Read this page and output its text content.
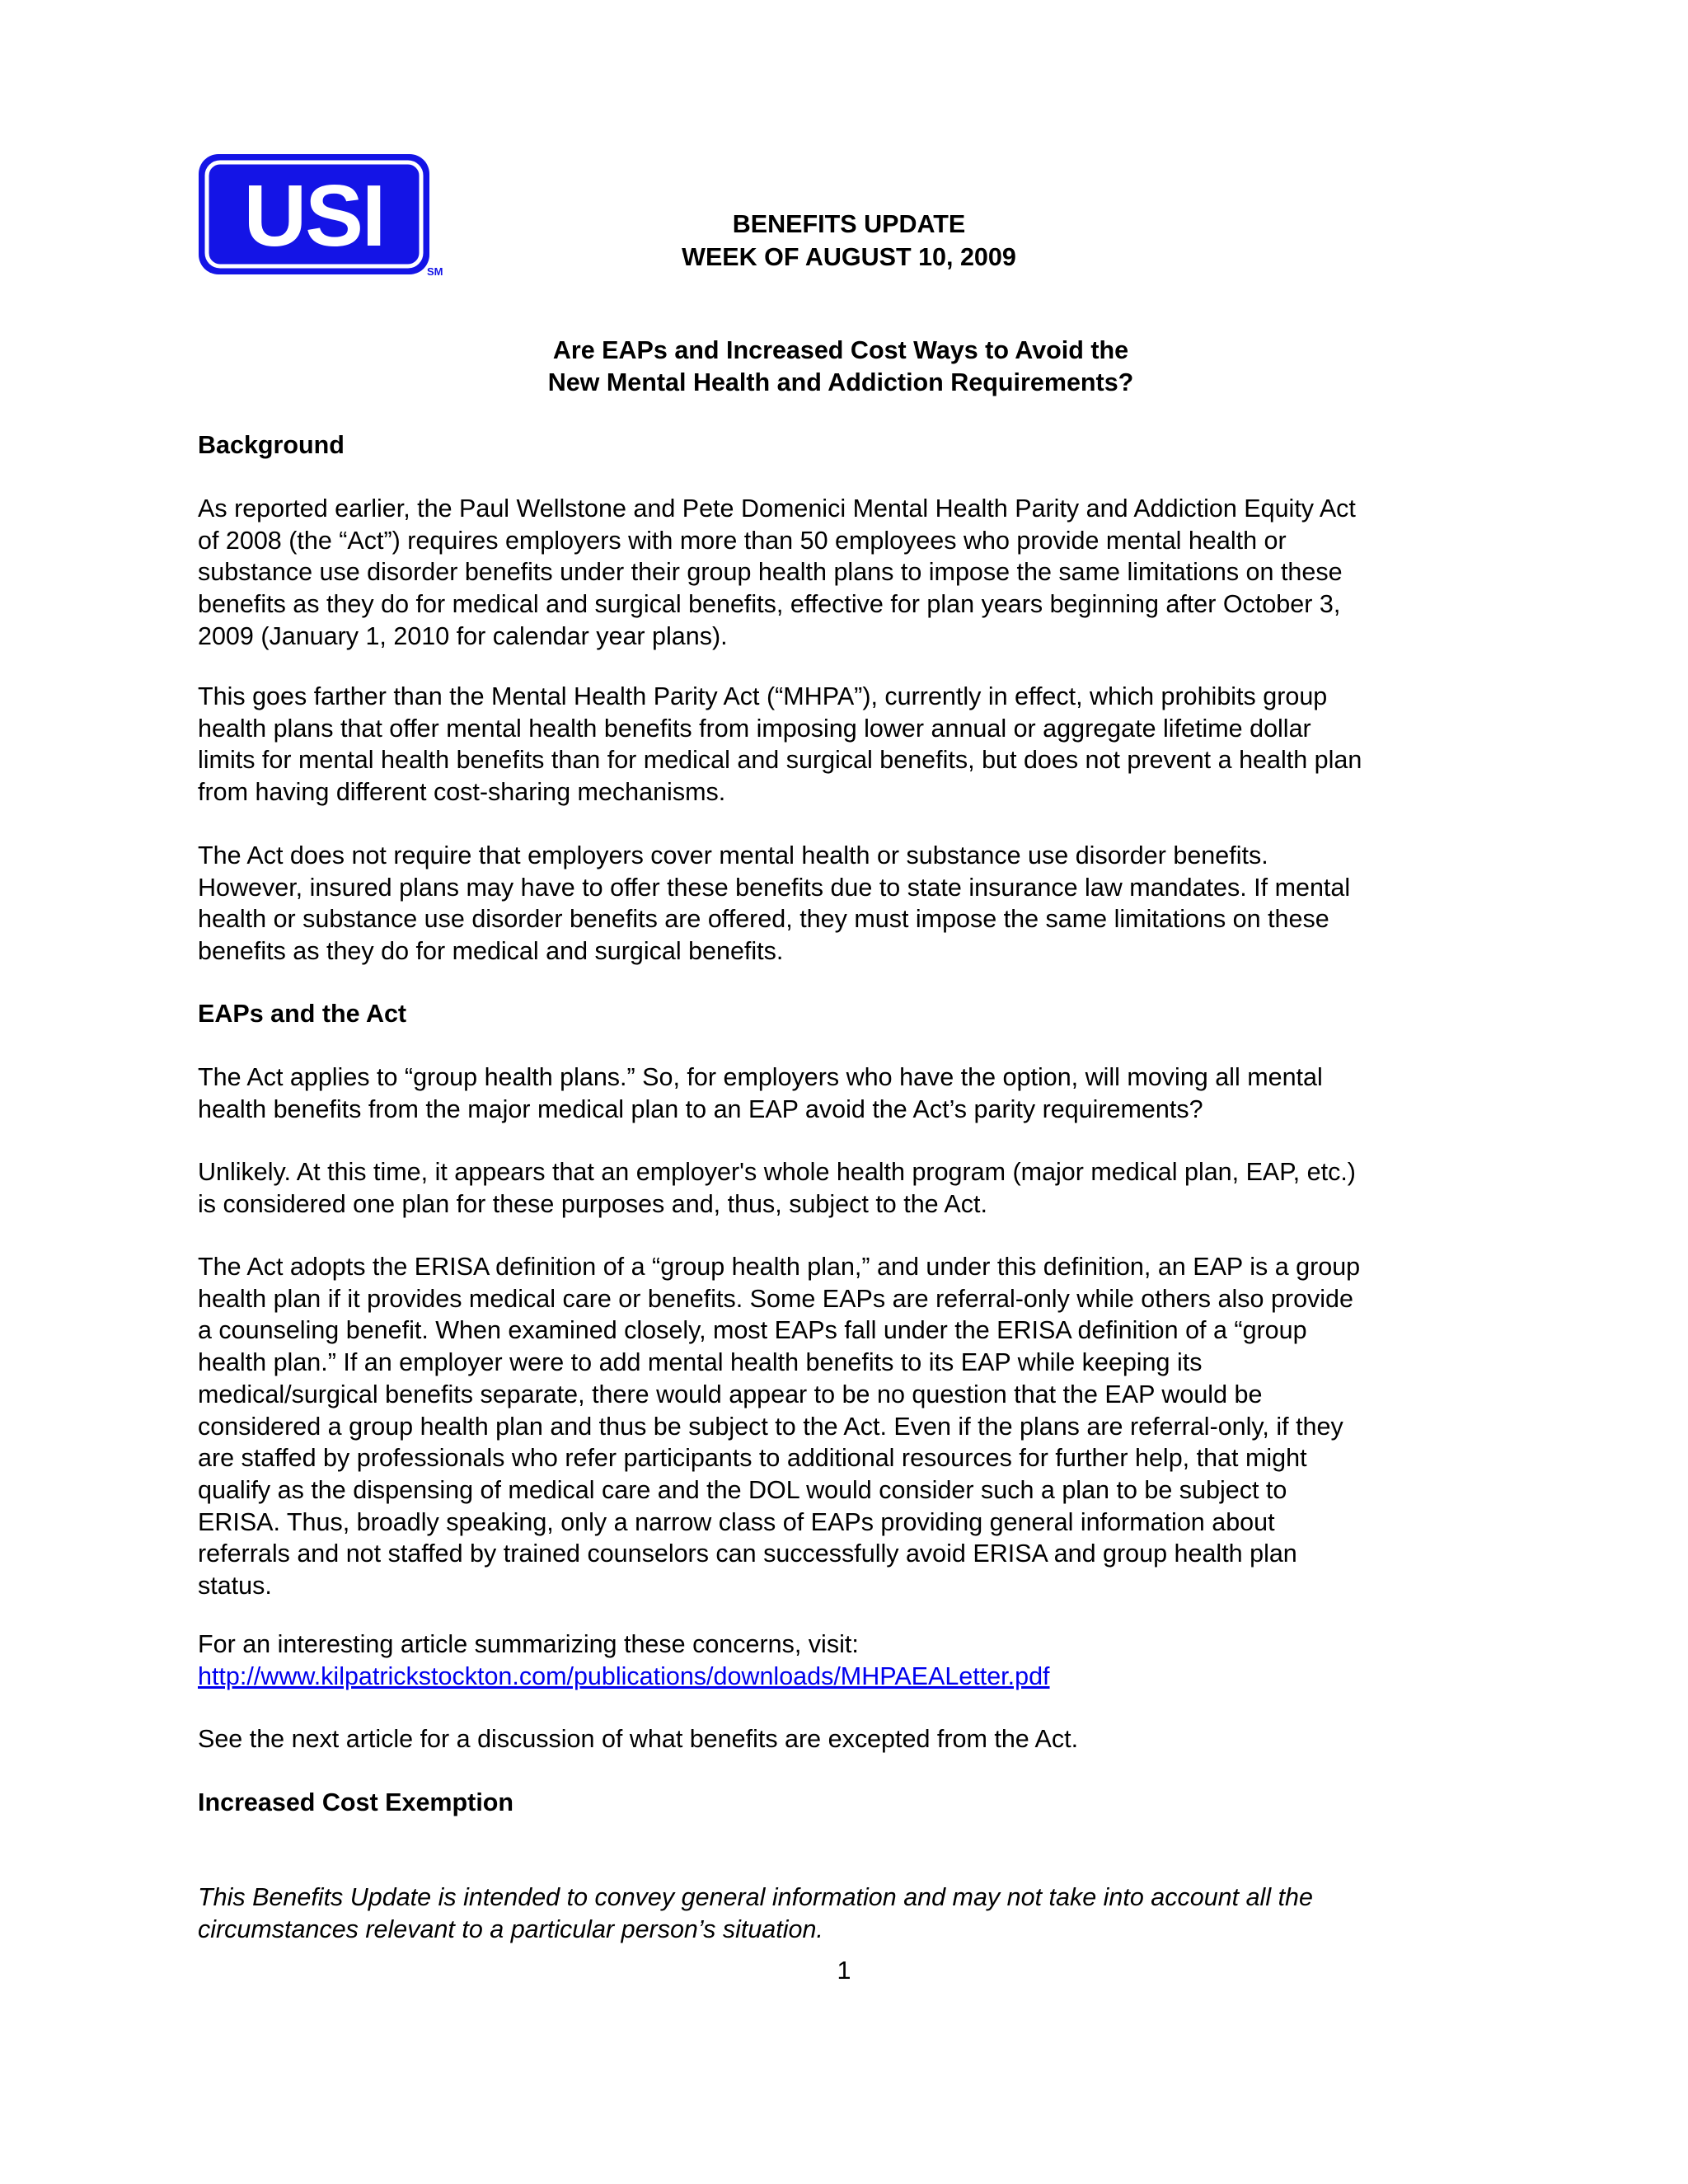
USI
SM
BENEFITS UPDATE
WEEK OF AUGUST 10, 2009
Are EAPs and Increased Cost Ways to Avoid the
New Mental Health and Addiction Requirements?
Background
As reported earlier, the Paul Wellstone and Pete Domenici Mental Health Parity and Addiction Equity Act
of 2008 (the “Act”) requires employers with more than 50 employees who provide mental health or
substance use disorder benefits under their group health plans to impose the same limitations on these
benefits as they do for medical and surgical benefits, effective for plan years beginning after October 3,
2009 (January 1, 2010 for calendar year plans).
This goes farther than the Mental Health Parity Act (“MHPA”), currently in effect, which prohibits group
health plans that offer mental health benefits from imposing lower annual or aggregate lifetime dollar
limits for mental health benefits than for medical and surgical benefits, but does not prevent a health plan
from having different cost-sharing mechanisms.
The Act does not require that employers cover mental health or substance use disorder benefits.
However, insured plans may have to offer these benefits due to state insurance law mandates. If mental
health or substance use disorder benefits are offered, they must impose the same limitations on these
benefits as they do for medical and surgical benefits.
EAPs and the Act
The Act applies to “group health plans.” So, for employers who have the option, will moving all mental
health benefits from the major medical plan to an EAP avoid the Act’s parity requirements?
Unlikely. At this time, it appears that an employer's whole health program (major medical plan, EAP, etc.)
is considered one plan for these purposes and, thus, subject to the Act.
The Act adopts the ERISA definition of a “group health plan,” and under this definition, an EAP is a group
health plan if it provides medical care or benefits. Some EAPs are referral-only while others also provide
a counseling benefit. When examined closely, most EAPs fall under the ERISA definition of a “group
health plan.” If an employer were to add mental health benefits to its EAP while keeping its
medical/surgical benefits separate, there would appear to be no question that the EAP would be
considered a group health plan and thus be subject to the Act. Even if the plans are referral-only, if they
are staffed by professionals who refer participants to additional resources for further help, that might
qualify as the dispensing of medical care and the DOL would consider such a plan to be subject to
ERISA. Thus, broadly speaking, only a narrow class of EAPs providing general information about
referrals and not staffed by trained counselors can successfully avoid ERISA and group health plan
status.
For an interesting article summarizing these concerns, visit:
http://www.kilpatrickstockton.com/publications/downloads/MHPAEALetter.pdf
See the next article for a discussion of what benefits are excepted from the Act.
Increased Cost Exemption
This Benefits Update is intended to convey general information and may not take into account all the
circumstances relevant to a particular person’s situation.
1
